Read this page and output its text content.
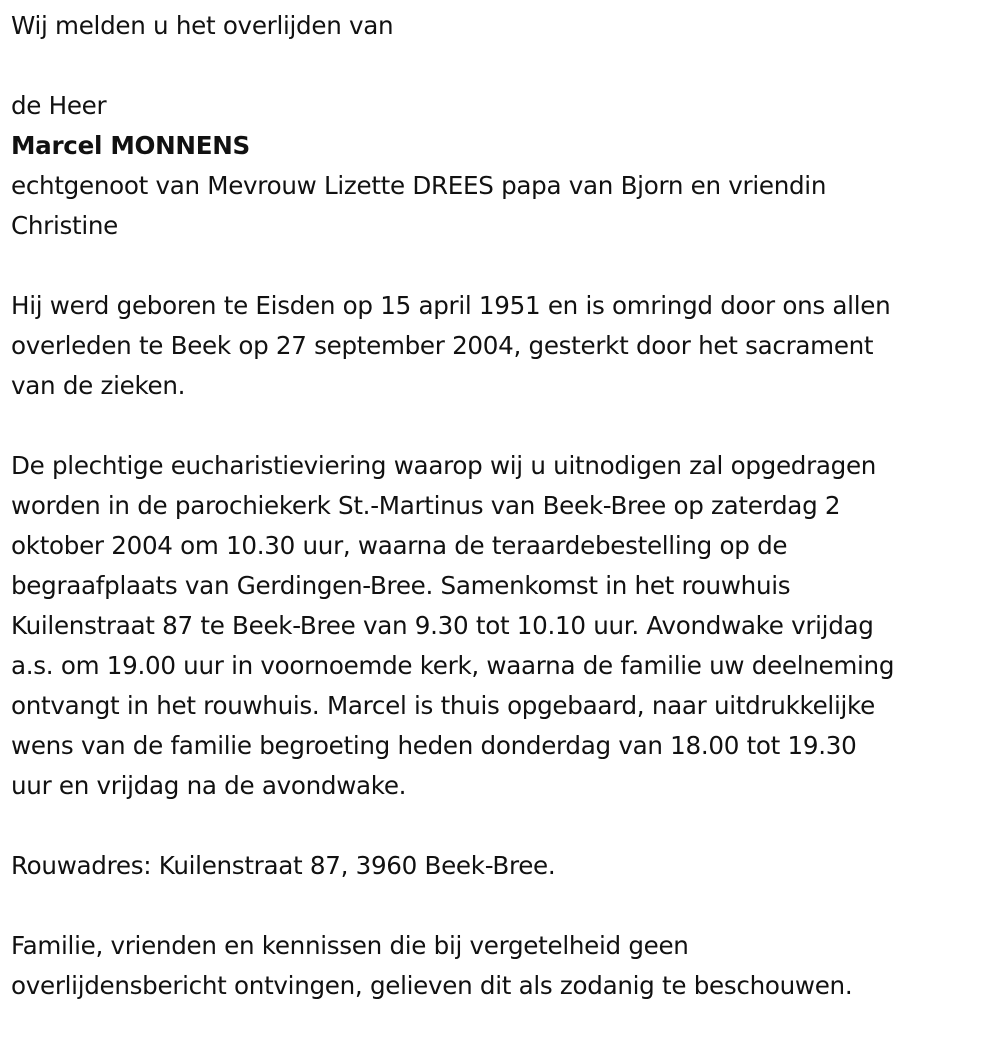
Wij melden u het overlijden van

de Heer

Marcel MONNENS

echtgenoot van Mevrouw Lizette DREES papa van Bjorn en vriendin
Christine

Hij werd geboren te Eisden op 15 april 1951 en is omringd door ons allen
overleden te Beek op 27 september 2004, gesterkt door het sacrament
van de zieken.

De plechtige eucharistieviering waarop wij u uitnodigen zal opgedragen
worden in de parochiekerk St.-Martinus van Beek-Bree op zaterdag 2
oktober 2004 om 10.30 uur, waarna de teraardebestelling op de
begraafplaats van Gerdingen-Bree. Samenkomst in het rouwhuis
Kuilenstraat 87 te Beek-Bree van 9.30 tot 10.10 uur. Avondwake vrijdag
a.s. om 19.00 uur in voornoemde kerk, waarna de familie uw deelneming
ontvangt in het rouwhuis. Marcel is thuis opgebaard, naar uitdrukkelijke
wens van de familie begroeting heden donderdag van 18.00 tot 19.30
uur en vrijdag na de avondwake.

Rouwadres: Kuilenstraat 87, 3960 Beek-Bree.

Familie, vrienden en kennissen die bij vergetelheid geen
overlijdensbericht ontvingen, gelieven dit als zodanig te beschouwen.
